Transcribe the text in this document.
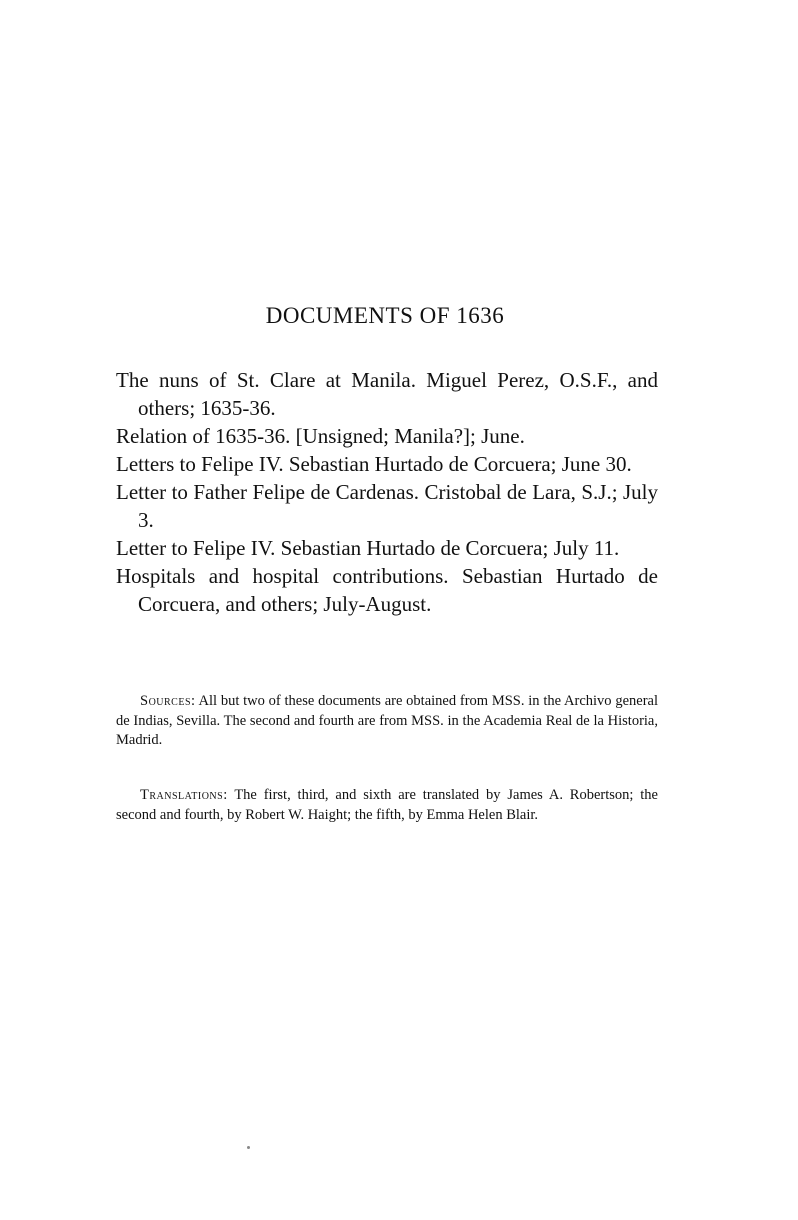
DOCUMENTS OF 1636
The nuns of St. Clare at Manila. Miguel Perez, O.S.F., and others; 1635-36.
Relation of 1635-36. [Unsigned; Manila?]; June.
Letters to Felipe IV. Sebastian Hurtado de Corcuera; June 30.
Letter to Father Felipe de Cardenas. Cristobal de Lara, S.J.; July 3.
Letter to Felipe IV. Sebastian Hurtado de Corcuera; July 11.
Hospitals and hospital contributions. Sebastian Hurtado de Corcuera, and others; July-August.

Sources: All but two of these documents are obtained from MSS. in the Archivo general de Indias, Sevilla. The second and fourth are from MSS. in the Academia Real de la Historia, Madrid.

Translations: The first, third, and sixth are translated by James A. Robertson; the second and fourth, by Robert W. Haight; the fifth, by Emma Helen Blair.
